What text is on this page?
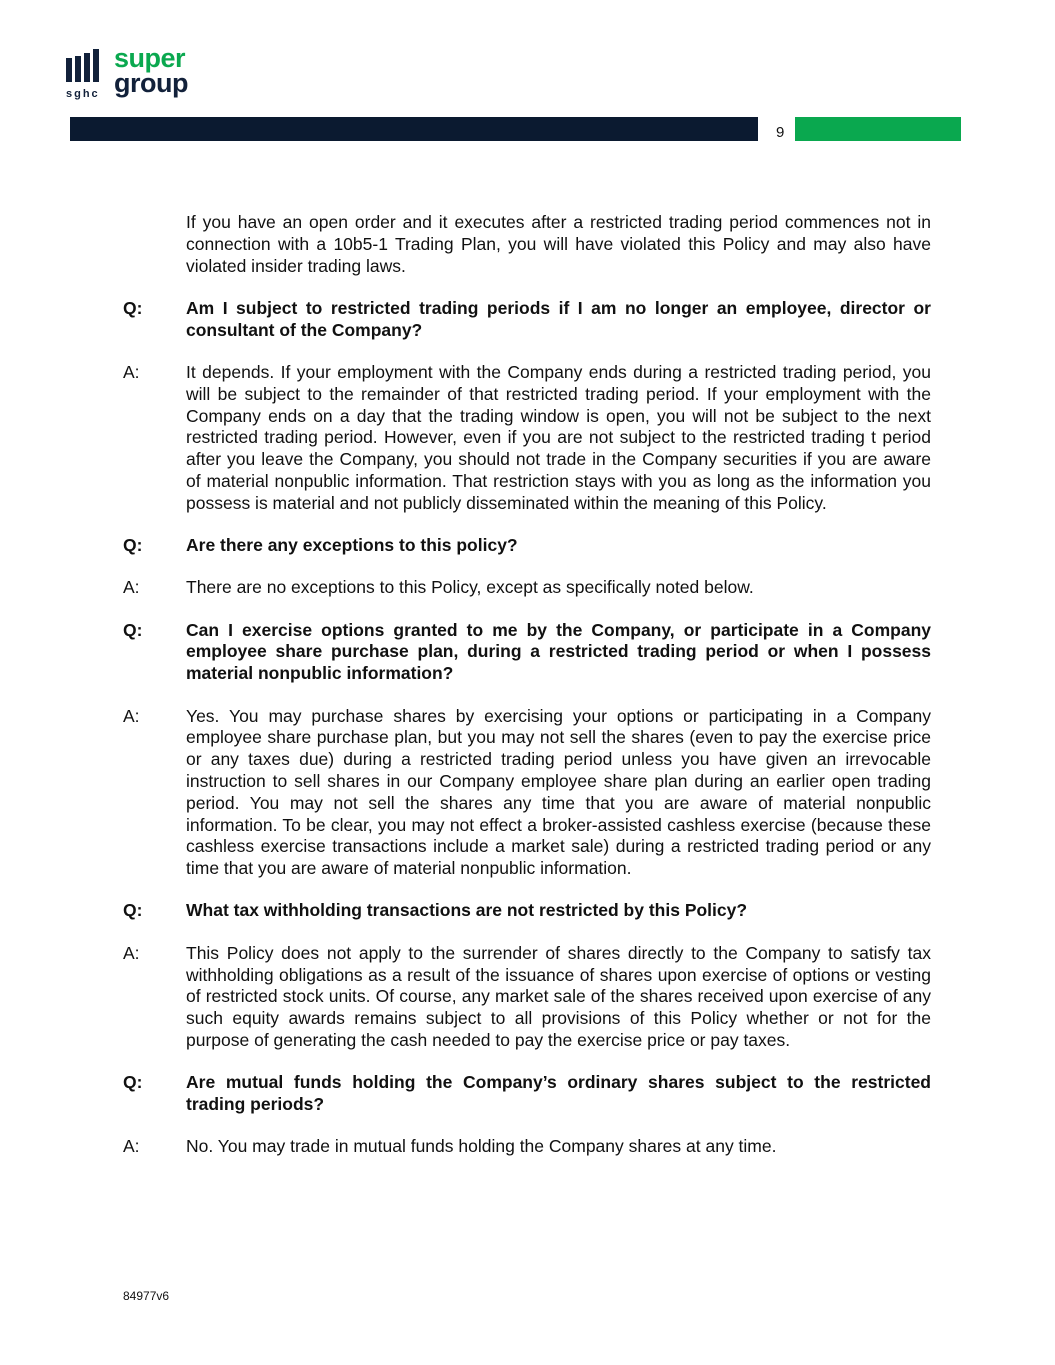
sghc
super
group
9
If you have an open order and it executes after a restricted trading period commences not in connection with a 10b5-1 Trading Plan, you will have violated this Policy and may also have violated insider trading laws.
Q:	Am I subject to restricted trading periods if I am no longer an employee, director or consultant of the Company?
A:	It depends. If your employment with the Company ends during a restricted trading period, you will be subject to the remainder of that restricted trading period. If your employment with the Company ends on a day that the trading window is open, you will not be subject to the next restricted trading period. However, even if you are not subject to the restricted trading t period after you leave the Company, you should not trade in the Company securities if you are aware of material nonpublic information. That restriction stays with you as long as the information you possess is material and not publicly disseminated within the meaning of this Policy.
Q:	Are there any exceptions to this policy?
A:	There are no exceptions to this Policy, except as specifically noted below.
Q:	Can I exercise options granted to me by the Company, or participate in a Company employee share purchase plan, during a restricted trading period or when I possess material nonpublic information?
A:	Yes. You may purchase shares by exercising your options or participating in a Company employee share purchase plan, but you may not sell the shares (even to pay the exercise price or any taxes due) during a restricted trading period unless you have given an irrevocable instruction to sell shares in our Company employee share plan during an earlier open trading period. You may not sell the shares any time that you are aware of material nonpublic information. To be clear, you may not effect a broker-assisted cashless exercise (because these cashless exercise transactions include a market sale) during a restricted trading period or any time that you are aware of material nonpublic information.
Q:	What tax withholding transactions are not restricted by this Policy?
A:	This Policy does not apply to the surrender of shares directly to the Company to satisfy tax withholding obligations as a result of the issuance of shares upon exercise of options or vesting of restricted stock units. Of course, any market sale of the shares received upon exercise of any such equity awards remains subject to all provisions of this Policy whether or not for the purpose of generating the cash needed to pay the exercise price or pay taxes.
Q:	Are mutual funds holding the Company’s ordinary shares subject to the restricted trading periods?
A:	No. You may trade in mutual funds holding the Company shares at any time.
84977v6
